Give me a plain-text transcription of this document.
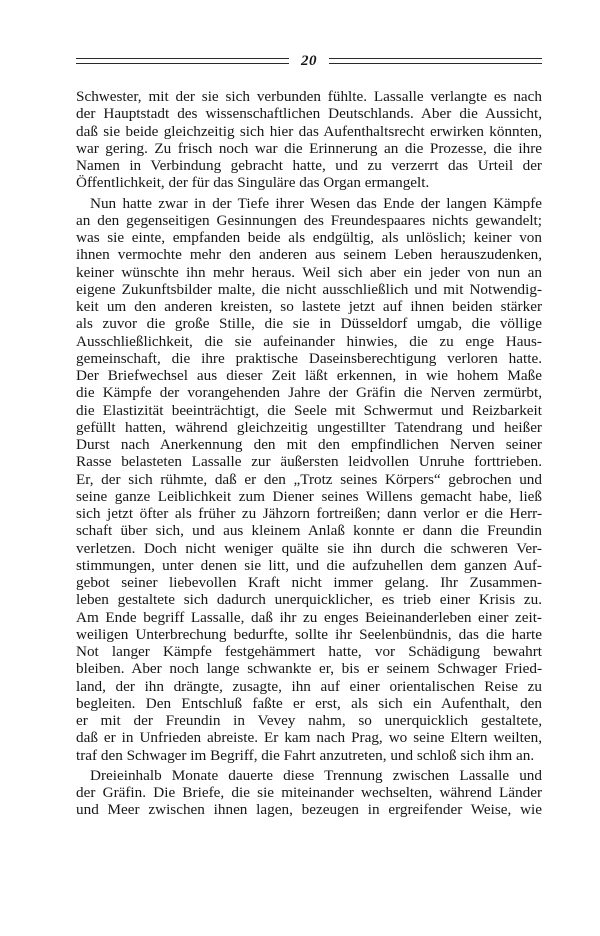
20
Schwester, mit der sie sich verbunden fühlte. Lassalle verlangte es nach
der Hauptstadt des wissenschaftlichen Deutschlands. Aber die Aussicht,
daß sie beide gleichzeitig sich hier das Aufenthaltsrecht erwirken könnten,
war gering. Zu frisch noch war die Erinnerung an die Prozesse, die ihre
Namen in Verbindung gebracht hatte, und zu verzerrt das Urteil der
Öffentlichkeit, der für das Singuläre das Organ ermangelt.
Nun hatte zwar in der Tiefe ihrer Wesen das Ende der langen Kämpfe
an den gegenseitigen Gesinnungen des Freundespaares nichts gewandelt;
was sie einte, empfanden beide als endgültig, als unlöslich; keiner von
ihnen vermochte mehr den anderen aus seinem Leben herauszudenken,
keiner wünschte ihn mehr heraus. Weil sich aber ein jeder von nun an
eigene Zukunftsbilder malte, die nicht ausschließlich und mit Notwendig-
keit um den anderen kreisten, so lastete jetzt auf ihnen beiden stärker
als zuvor die große Stille, die sie in Düsseldorf umgab, die völlige
Ausschließlichkeit, die sie aufeinander hinwies, die zu enge Haus-
gemeinschaft, die ihre praktische Daseinsberechtigung verloren hatte.
Der Briefwechsel aus dieser Zeit läßt erkennen, in wie hohem Maße
die Kämpfe der vorangehenden Jahre der Gräfin die Nerven zermürbt,
die Elastizität beeinträchtigt, die Seele mit Schwermut und Reizbarkeit
gefüllt hatten, während gleichzeitig ungestillter Tatendrang und heißer
Durst nach Anerkennung den mit den empfindlichen Nerven seiner
Rasse belasteten Lassalle zur äußersten leidvollen Unruhe forttrieben.
Er, der sich rühmte, daß er den „Trotz seines Körpers“ gebrochen und
seine ganze Leiblichkeit zum Diener seines Willens gemacht habe, ließ
sich jetzt öfter als früher zu Jähzorn fortreißen; dann verlor er die Herr-
schaft über sich, und aus kleinem Anlaß konnte er dann die Freundin
verletzen. Doch nicht weniger quälte sie ihn durch die schweren Ver-
stimmungen, unter denen sie litt, und die aufzuhellen dem ganzen Auf-
gebot seiner liebevollen Kraft nicht immer gelang. Ihr Zusammen-
leben gestaltete sich dadurch unerquicklicher, es trieb einer Krisis zu.
Am Ende begriff Lassalle, daß ihr zu enges Beieinanderleben einer zeit-
weiligen Unterbrechung bedurfte, sollte ihr Seelenbündnis, das die harte
Not langer Kämpfe festgehämmert hatte, vor Schädigung bewahrt
bleiben. Aber noch lange schwankte er, bis er seinem Schwager Fried-
land, der ihn drängte, zusagte, ihn auf einer orientalischen Reise zu
begleiten. Den Entschluß faßte er erst, als sich ein Aufenthalt, den
er mit der Freundin in Vevey nahm, so unerquicklich gestaltete,
daß er in Unfrieden abreiste. Er kam nach Prag, wo seine Eltern weilten,
traf den Schwager im Begriff, die Fahrt anzutreten, und schloß sich ihm an.
Dreieinhalb Monate dauerte diese Trennung zwischen Lassalle und
der Gräfin. Die Briefe, die sie miteinander wechselten, während Länder
und Meer zwischen ihnen lagen, bezeugen in ergreifender Weise, wie
